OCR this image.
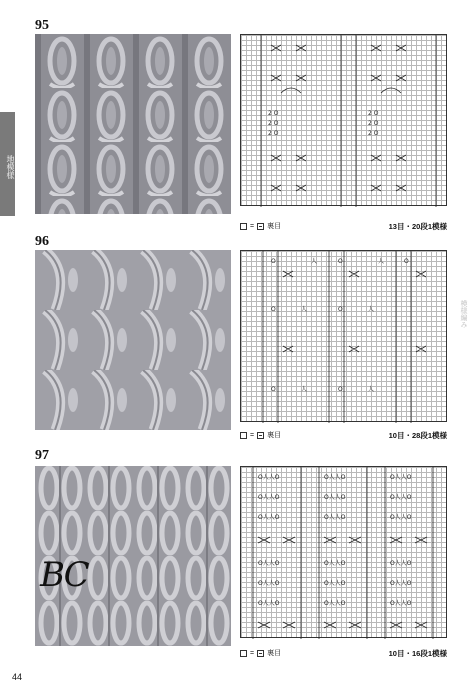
地模様
模様編み
95
2 O
2 O
2 O
2 O
2 O
2 O
= 裏目	13目・20段1模様
96
O	人	O	人	O
O	人	O	人
O	人	O	人
= 裏目	10目・28段1模様
97
O人人O	O人人O	O人人O
O人人O	O人人O	O人人O
O人人O	O人人O	O人人O
O人人O	O人人O	O人人O
O人人O	O人人O	O人人O
O人人O	O人人O	O人人O
= 裏目	10目・16段1模様
BC
44
